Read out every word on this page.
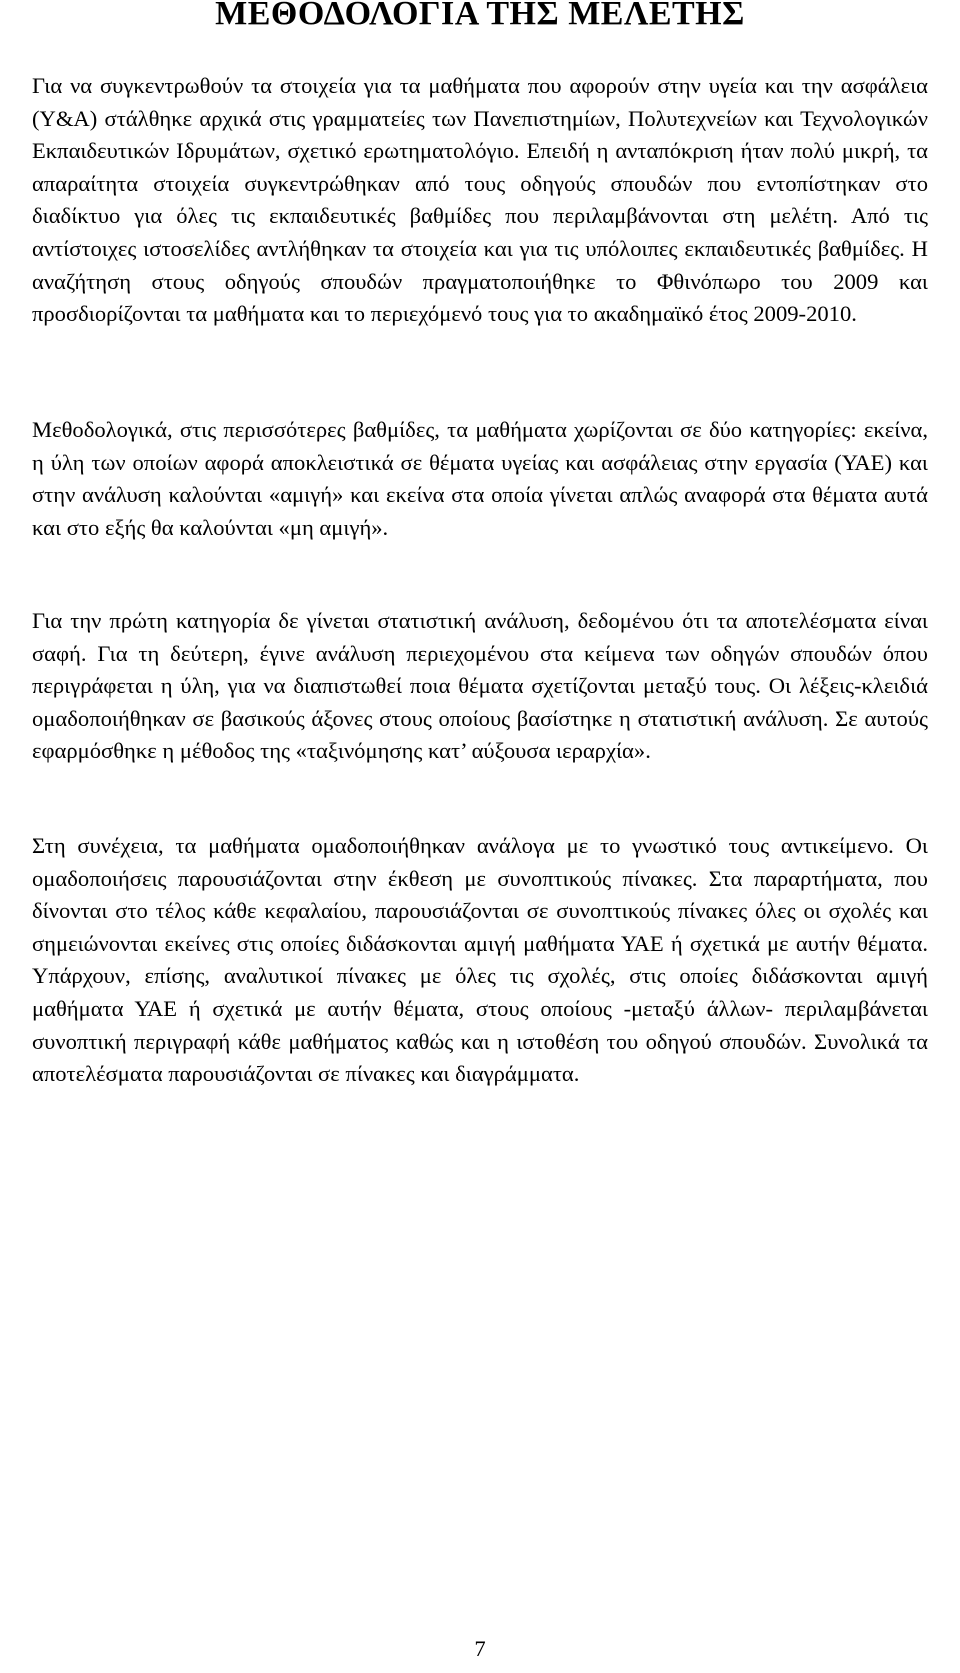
ΜΕΘΟΔΟΛΟΓΙΑ ΤΗΣ ΜΕΛΕΤΗΣ

Για να συγκεντρωθούν τα στοιχεία για τα μαθήματα που αφορούν στην υγεία και την ασφάλεια (Υ&Α) στάλθηκε αρχικά στις γραμματείες των Πανεπιστημίων, Πολυτεχνείων και Τεχνολογικών Εκπαιδευτικών Ιδρυμάτων, σχετικό ερωτηματολόγιο. Επειδή η ανταπόκριση ήταν πολύ μικρή, τα απαραίτητα στοιχεία συγκεντρώθηκαν από τους οδηγούς σπουδών που εντοπίστηκαν στο διαδίκτυο για όλες τις εκπαιδευτικές βαθμίδες που περιλαμβάνονται στη μελέτη. Από τις αντίστοιχες ιστοσελίδες αντλήθηκαν τα στοιχεία και για τις υπόλοιπες εκπαιδευτικές βαθμίδες. Η αναζήτηση στους οδηγούς σπουδών πραγματοποιήθηκε το Φθινόπωρο του 2009 και προσδιορίζονται τα μαθήματα και το περιεχόμενό τους για το ακαδημαϊκό έτος 2009-2010.

Μεθοδολογικά, στις περισσότερες βαθμίδες, τα μαθήματα χωρίζονται σε δύο κατηγορίες: εκείνα, η ύλη των οποίων αφορά αποκλειστικά σε θέματα υγείας και ασφάλειας στην εργασία (ΥΑΕ) και στην ανάλυση καλούνται «αμιγή» και εκείνα στα οποία γίνεται απλώς αναφορά στα θέματα αυτά και στο εξής θα καλούνται «μη αμιγή».

Για την πρώτη κατηγορία δε γίνεται στατιστική ανάλυση, δεδομένου ότι τα αποτελέσματα είναι σαφή. Για τη δεύτερη, έγινε ανάλυση περιεχομένου στα κείμενα των οδηγών σπουδών όπου περιγράφεται η ύλη, για να διαπιστωθεί ποια θέματα σχετίζονται μεταξύ τους. Οι λέξεις-κλειδιά ομαδοποιήθηκαν σε βασικούς άξονες στους οποίους βασίστηκε η στατιστική ανάλυση. Σε αυτούς εφαρμόσθηκε η μέθοδος της «ταξινόμησης κατ’ αύξουσα ιεραρχία».

Στη συνέχεια, τα μαθήματα ομαδοποιήθηκαν ανάλογα με το γνωστικό τους αντικείμενο. Οι ομαδοποιήσεις παρουσιάζονται στην έκθεση με συνοπτικούς πίνακες. Στα παραρτήματα, που δίνονται στο τέλος κάθε κεφαλαίου, παρουσιάζονται σε συνοπτικούς πίνακες όλες οι σχολές και σημειώνονται εκείνες στις οποίες διδάσκονται αμιγή μαθήματα ΥΑΕ ή σχετικά με αυτήν θέματα. Υπάρχουν, επίσης, αναλυτικοί πίνακες με όλες τις σχολές, στις οποίες διδάσκονται αμιγή μαθήματα ΥΑΕ ή σχετικά με αυτήν θέματα, στους οποίους -μεταξύ άλλων- περιλαμβάνεται συνοπτική περιγραφή κάθε μαθήματος καθώς και η ιστοθέση του οδηγού σπουδών. Συνολικά τα αποτελέσματα παρουσιάζονται σε πίνακες και διαγράμματα.

7
